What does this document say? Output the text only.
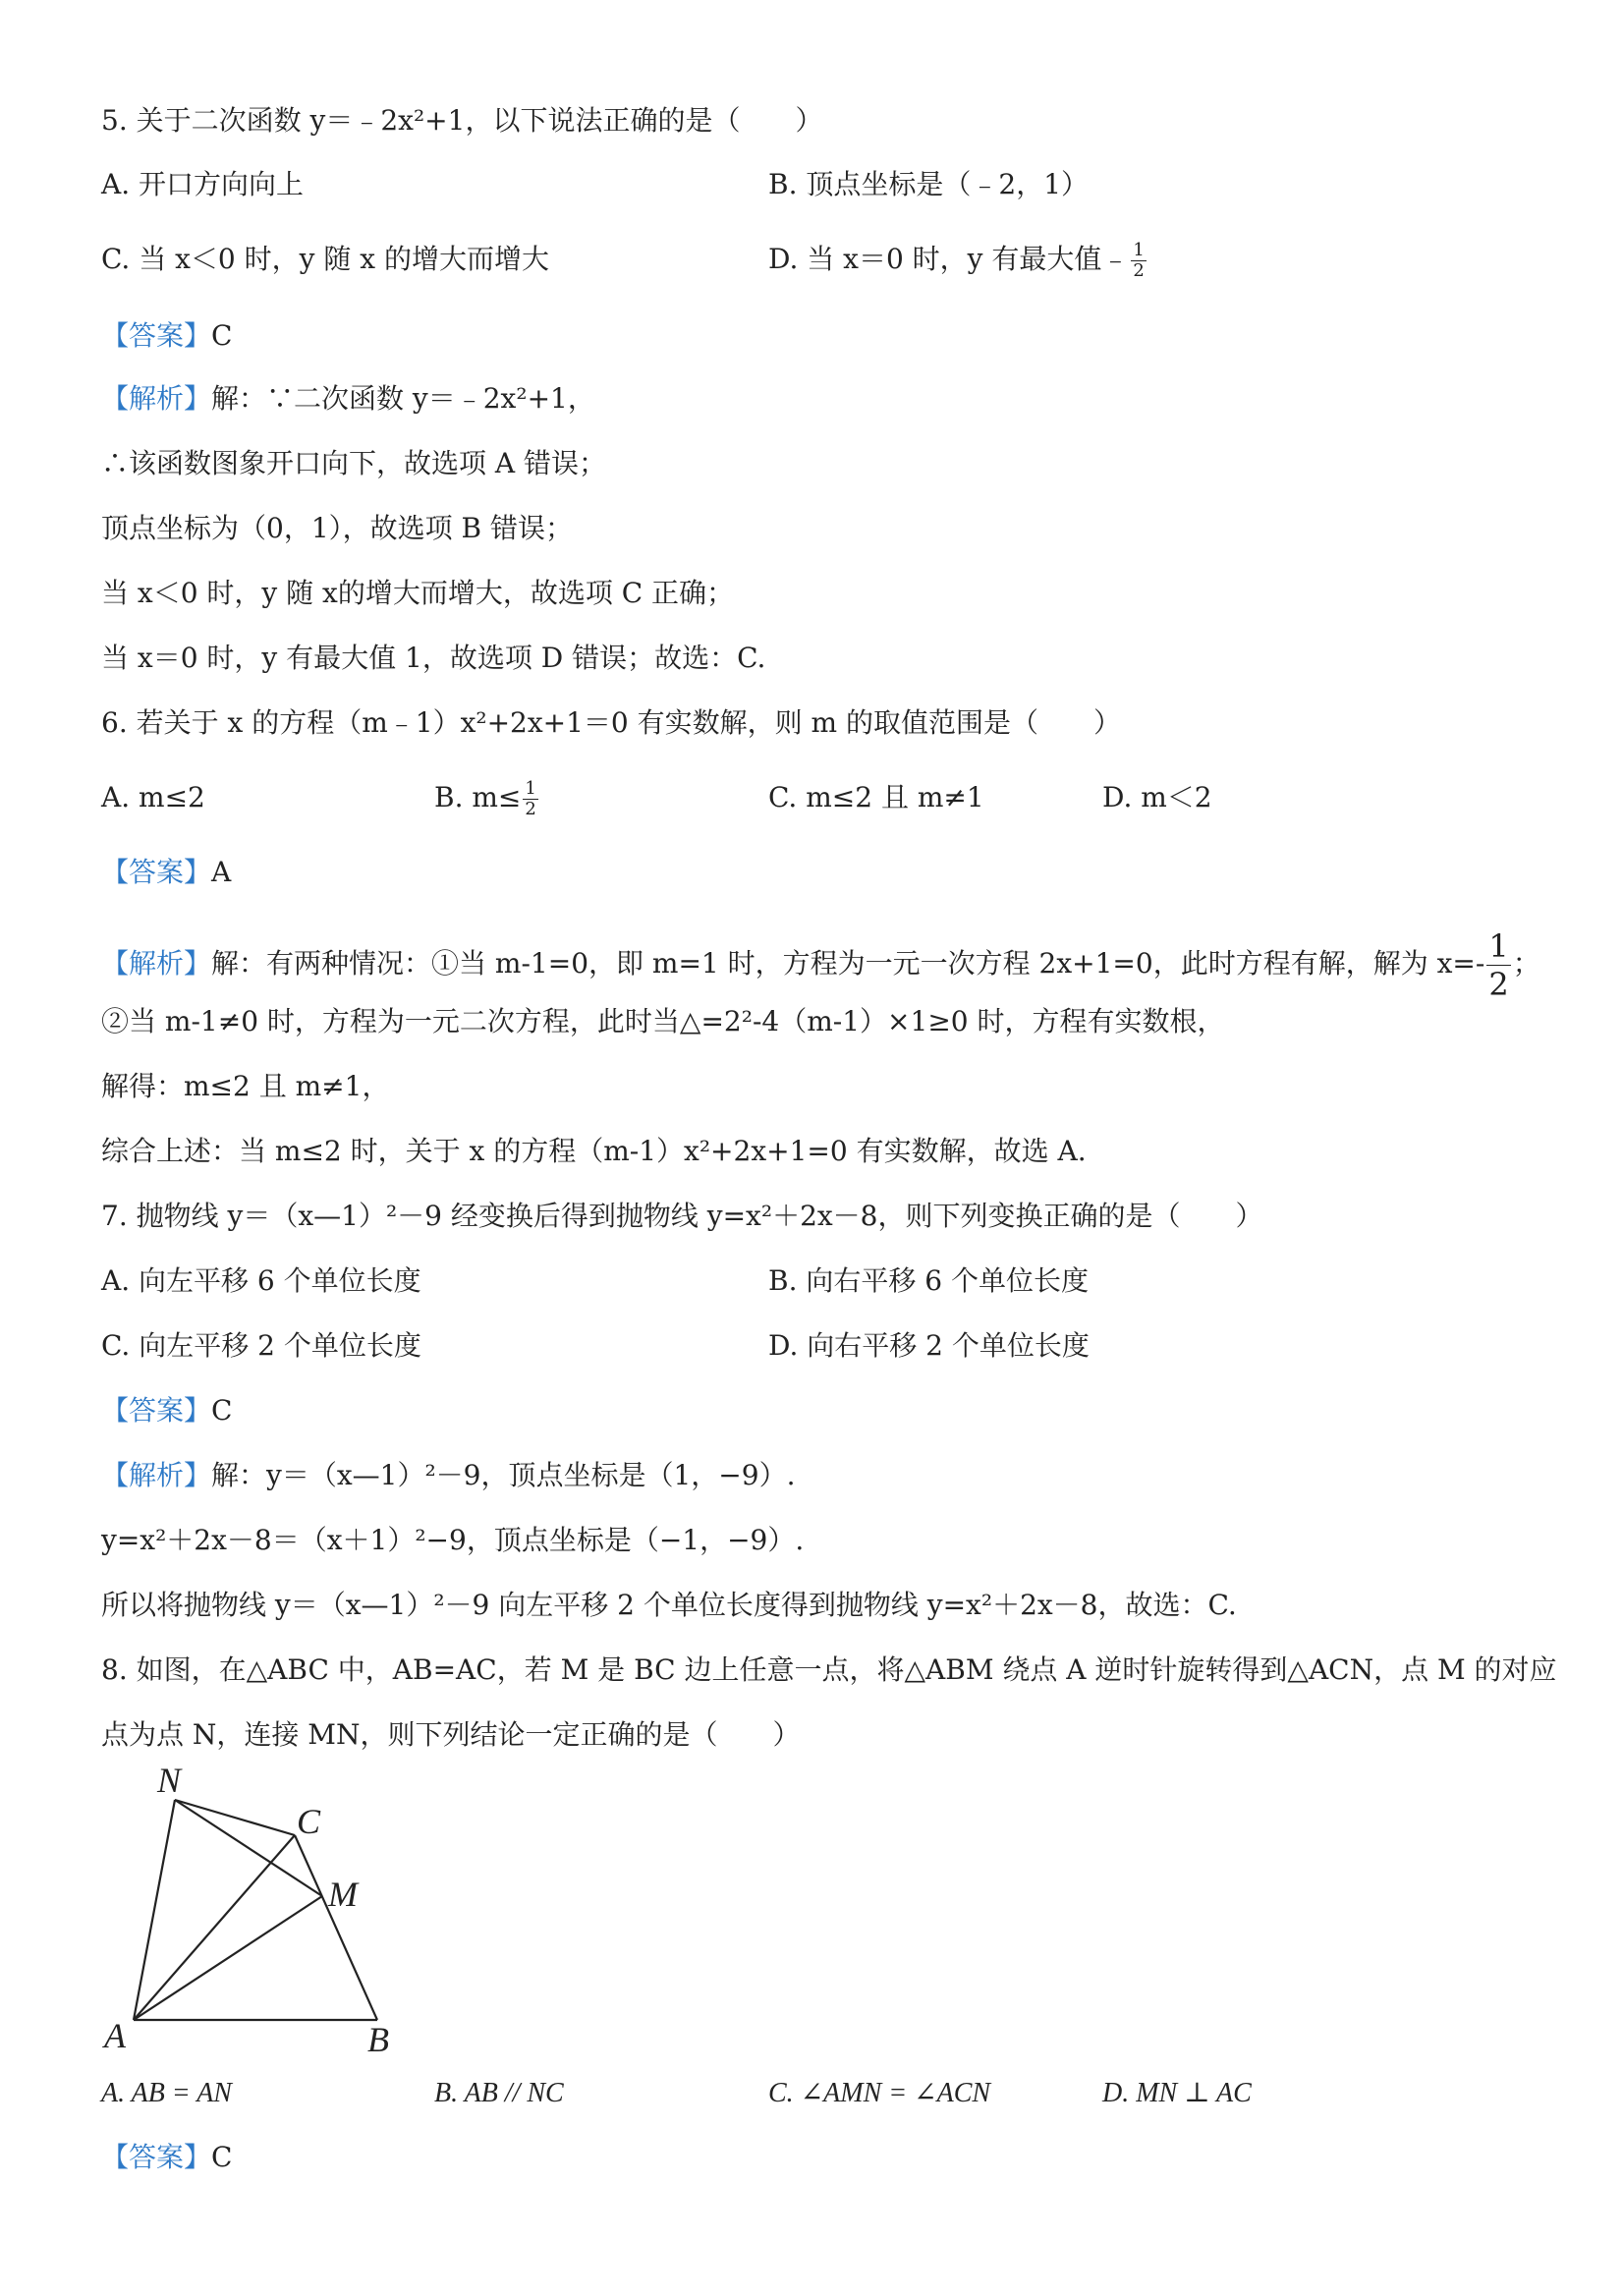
5. 关于二次函数 y＝﹣2x²+1，以下说法正确的是（　　）
A. 开口方向向上	B. 顶点坐标是（﹣2，1）
C. 当 x＜0 时，y 随 x 的增大而增大	D. 当 x＝0 时，y 有最大值﹣ $\frac{1}{2}$
【答案】C
【解析】解：∵二次函数 y＝﹣2x²+1，
∴该函数图象开口向下，故选项 A 错误；
顶点坐标为（0，1），故选项 B 错误；
当 x＜0 时，y 随 x的增大而增大，故选项 C 正确；
当 x＝0 时，y 有最大值 1，故选项 D 错误；故选：C.
6. 若关于 x 的方程（m﹣1）x²+2x+1＝0 有实数解，则 m 的取值范围是（　　）
A. m≤2	B. $m\le \frac{1}{2}$	C. m≤2 且 m≠1	D. m＜2
【答案】A
【解析】解：有两种情况：①当 m-1=0，即 m=1 时，方程为一元一次方程 2x+1=0，此时方程有解，解为 $x=- \frac{1}{2}$ ；
②当 m-1≠0 时，方程为一元二次方程，此时当△=2²-4（m-1）×1≥0 时，方程有实数根，
解得：m≤2 且 m≠1，
综合上述：当 m≤2 时，关于 x 的方程（m-1）x²+2x+1=0 有实数解，故选 A.
7. 抛物线 y＝（x—1）²－9 经变换后得到抛物线 y=x²＋2x－8，则下列变换正确的是（　　）
A. 向左平移 6 个单位长度	B. 向右平移 6 个单位长度
C. 向左平移 2 个单位长度	D. 向右平移 2 个单位长度
【答案】C
【解析】解：y＝（x—1）²－9，顶点坐标是（1，−9）.
y=x²＋2x－8＝（x＋1）²−9，顶点坐标是（−1，−9）.
所以将抛物线 y＝（x—1）²－9 向左平移 2 个单位长度得到抛物线 y=x²＋2x－8，故选：C.
8. 如图，在△ABC 中，AB=AC，若 M 是 BC 边上任意一点，将△ABM 绕点 A 逆时针旋转得到△ACN，点 M 的对应
点为点 N，连接 MN，则下列结论一定正确的是（　　）
N
C
M
A	B
A. AB = AN	B. AB // NC	C. ∠AMN = ∠ACN	D. MN ⊥ AC
【答案】C
